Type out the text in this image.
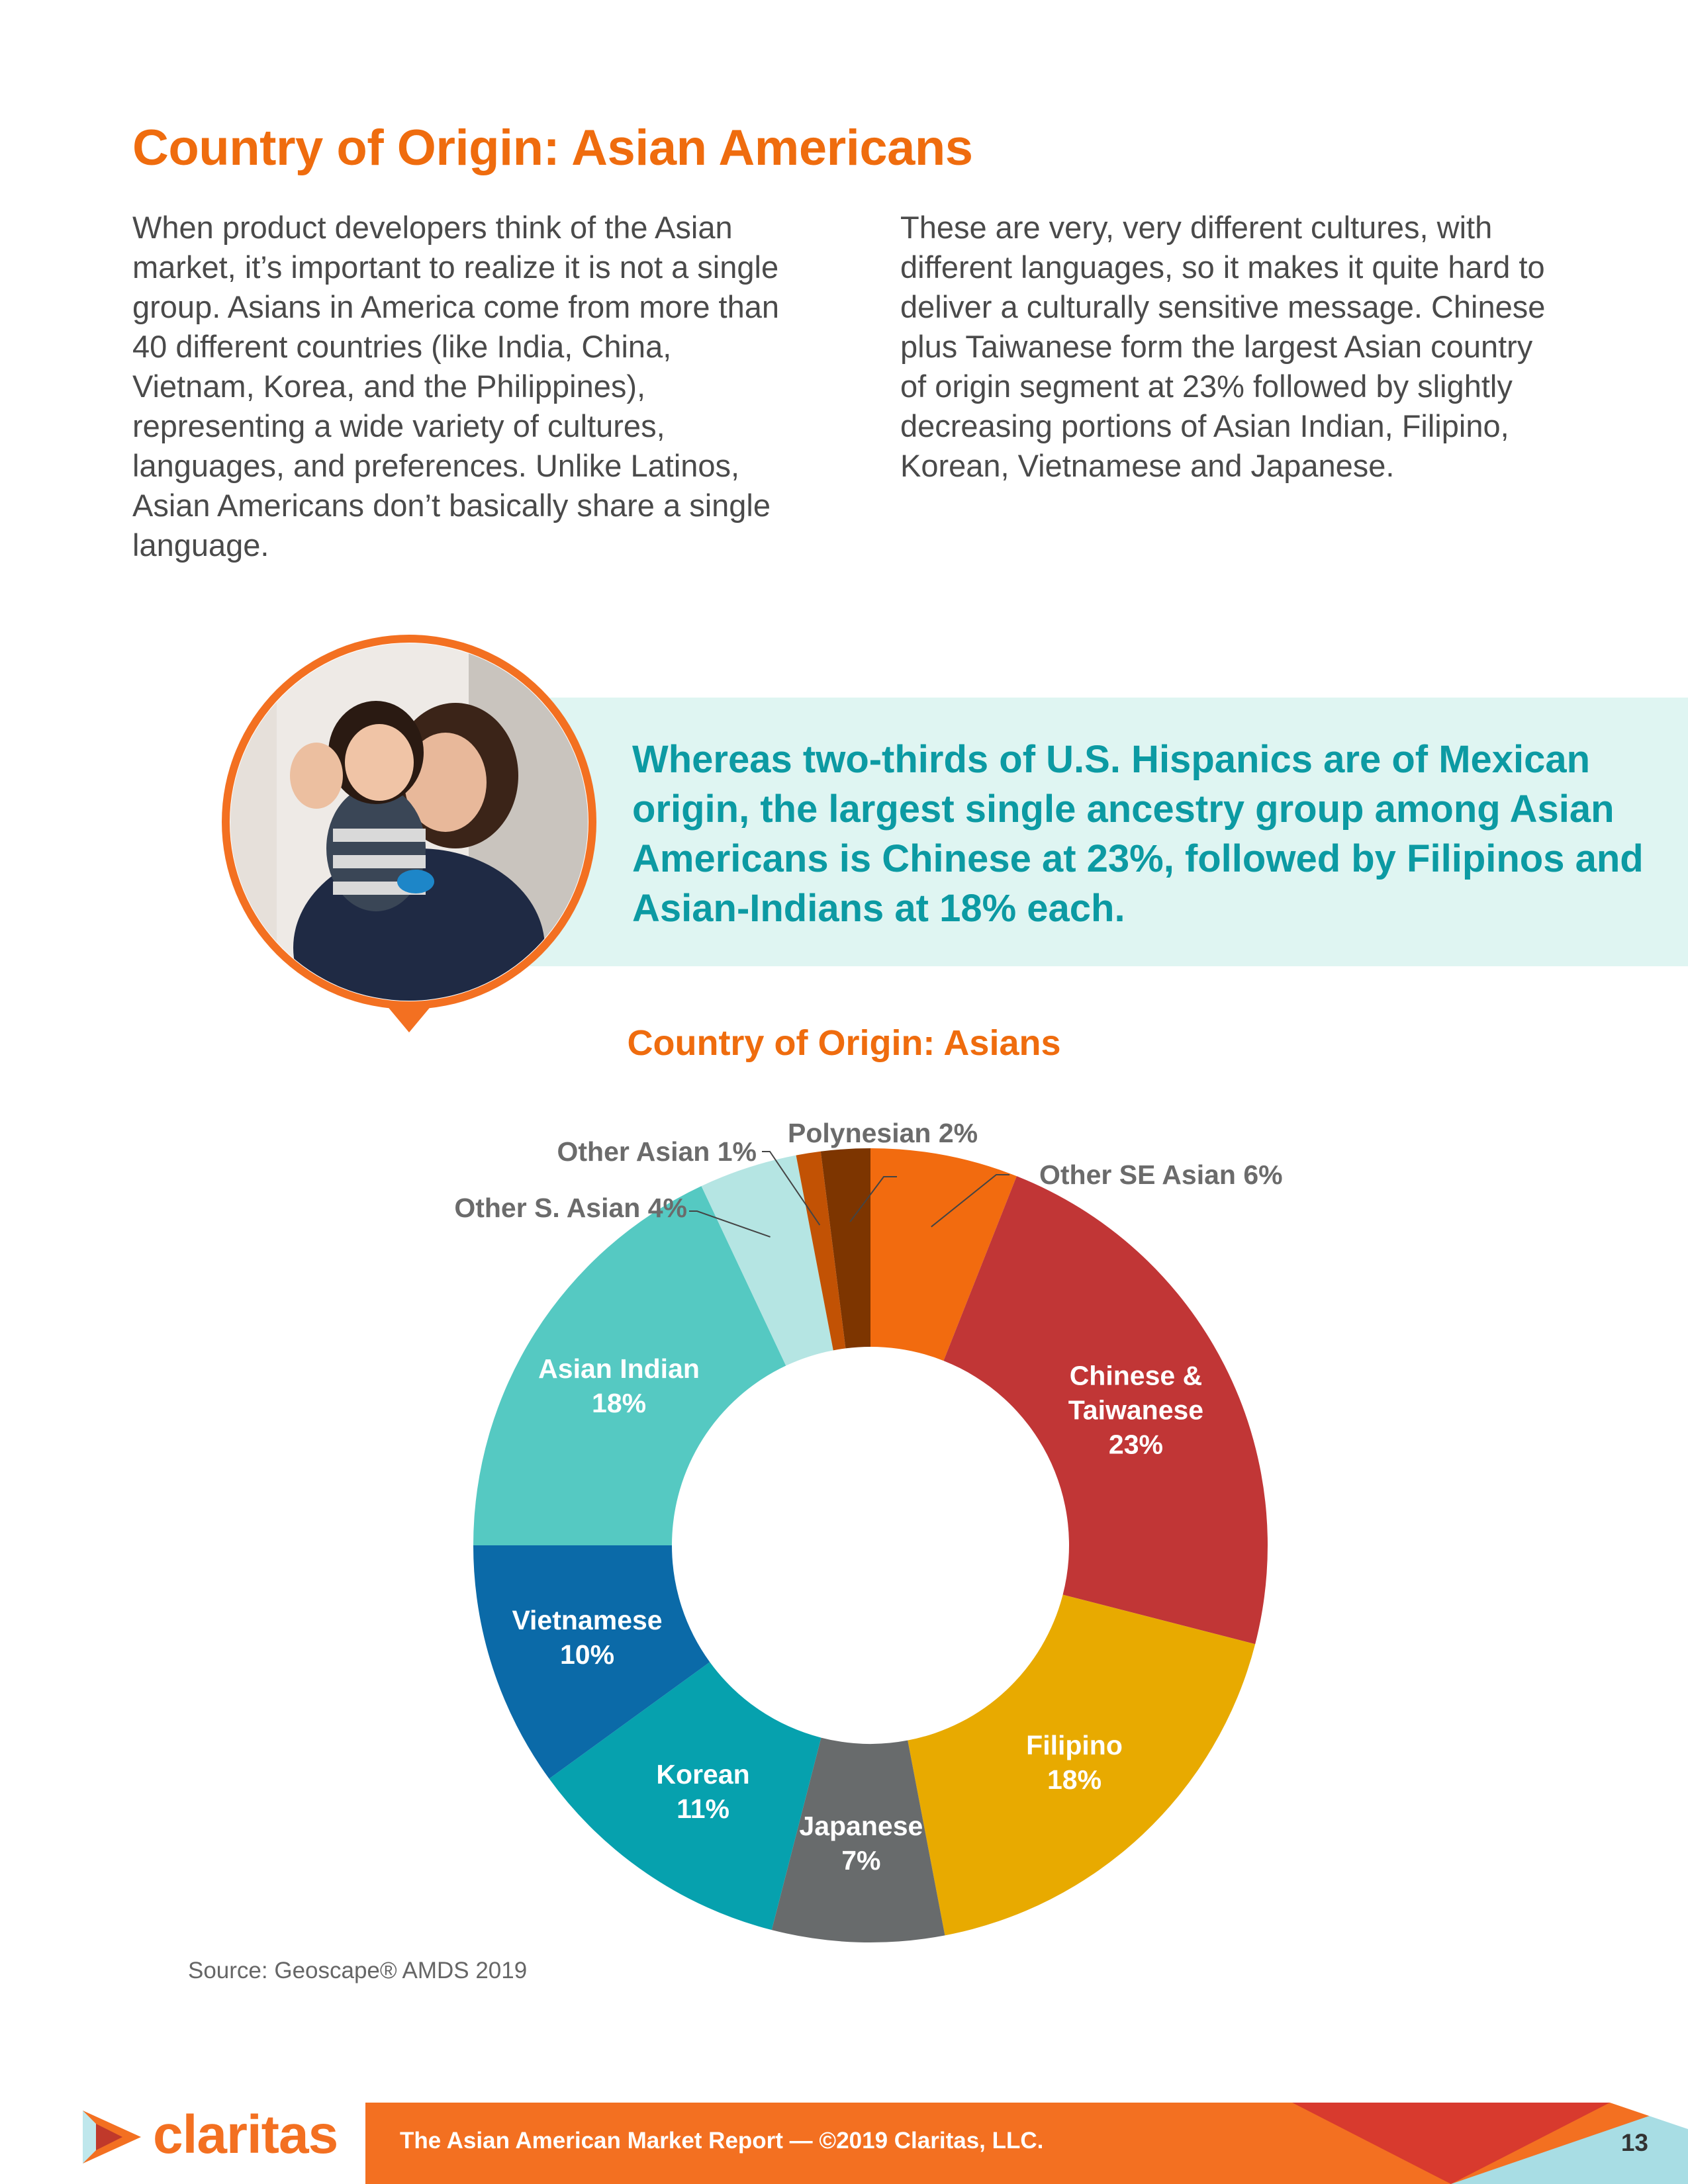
Country of Origin: Asian Americans

When product developers think of the Asian market, it’s important to realize it is not a single group. Asians in America come from more than 40 different countries (like India, China, Vietnam, Korea, and the Philippines), representing a wide variety of cultures, languages, and preferences. Unlike Latinos, Asian Americans don’t basically share a single language.

These are very, very different cultures, with different languages, so it makes it quite hard to deliver a culturally sensitive message. Chinese plus Taiwanese form the largest Asian country of origin segment at 23% followed by slightly decreasing portions of Asian Indian, Filipino, Korean, Vietnamese and Japanese.

Whereas two-thirds of U.S. Hispanics are of Mexican origin, the largest single ancestry group among Asian Americans is Chinese at 23%, followed by Filipinos and Asian-Indians at 18% each.

Country of Origin: Asians
Other SE Asian 6%
Chinese & Taiwanese 23%
Filipino 18%
Japanese 7%
Korean 11%
Vietnamese 10%
Asian Indian 18%
Other S. Asian 4%
Other Asian 1%
Polynesian 2%

Source: Geoscape® AMDS 2019

claritas	The Asian American Market Report — ©2019 Claritas, LLC.	13
